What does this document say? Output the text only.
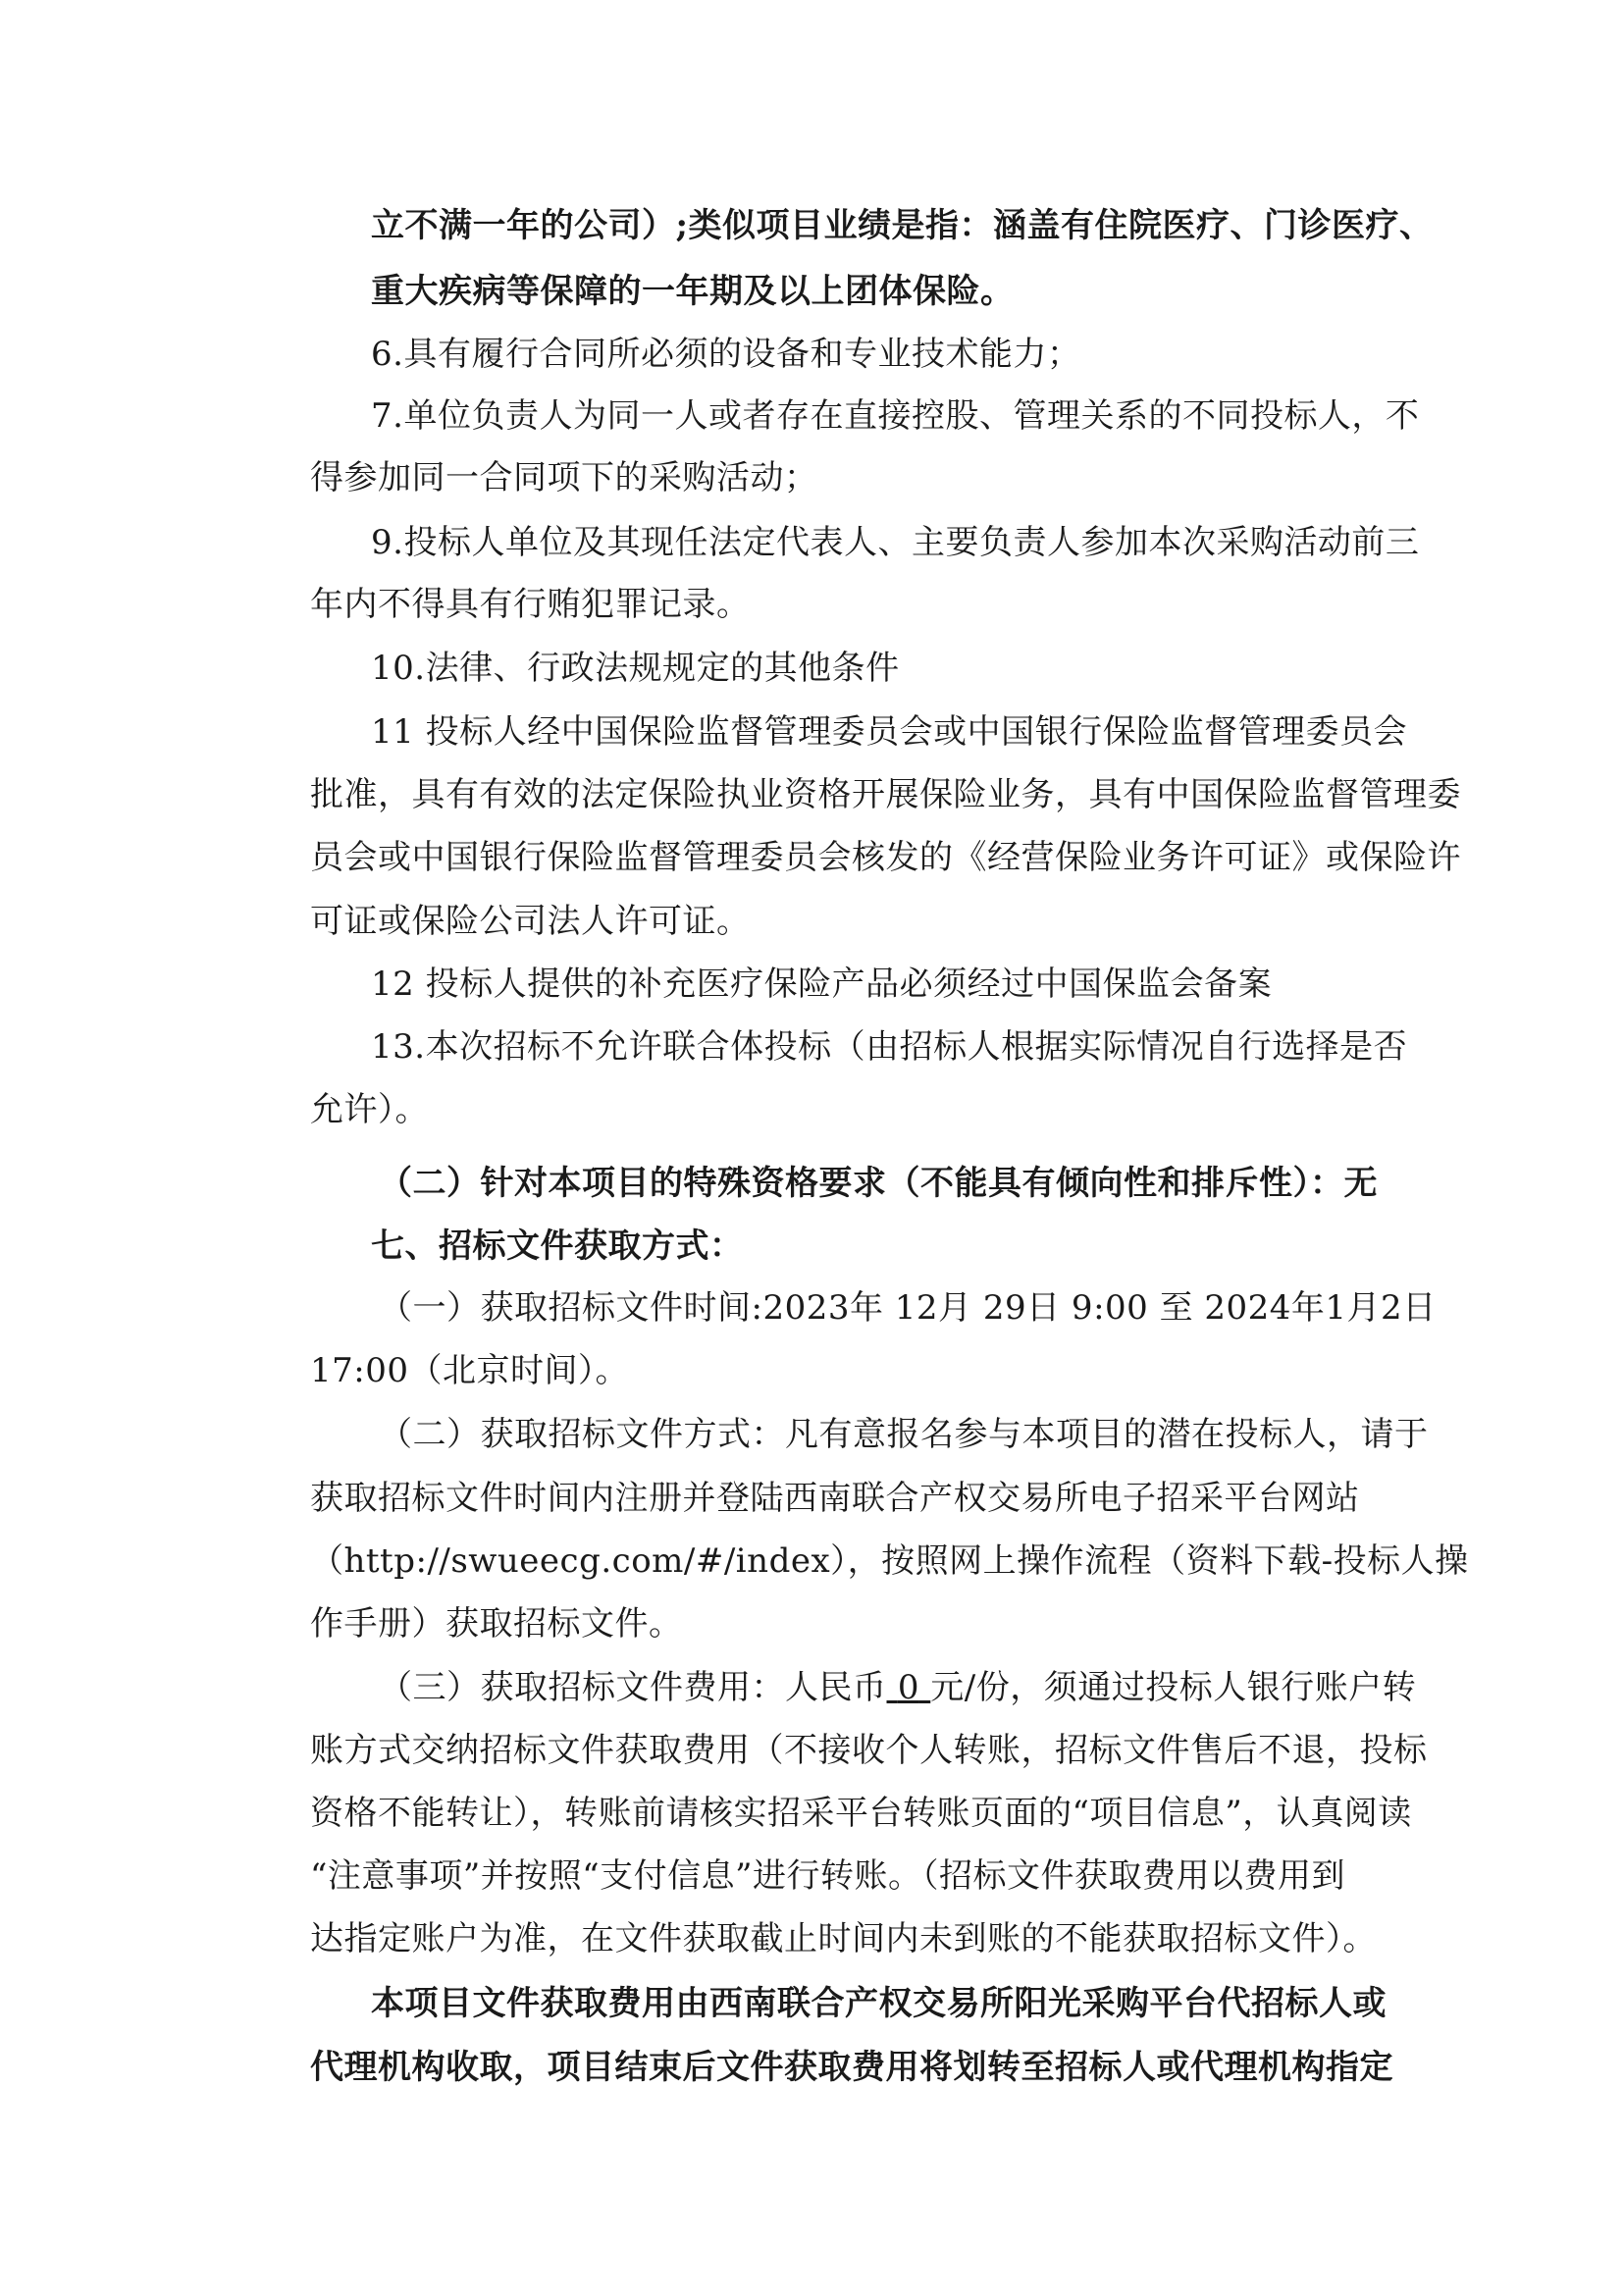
立不满一年的公司）;类似项目业绩是指：涵盖有住院医疗、门诊医疗、
重大疾病等保障的一年期及以上团体保险。
6.具有履行合同所必须的设备和专业技术能力；
7.单位负责人为同一人或者存在直接控股、管理关系的不同投标人，不
得参加同一合同项下的采购活动；
9.投标人单位及其现任法定代表人、主要负责人参加本次采购活动前三
年内不得具有行贿犯罪记录。
10.法律、行政法规规定的其他条件
11 投标人经中国保险监督管理委员会或中国银行保险监督管理委员会
批准，具有有效的法定保险执业资格开展保险业务，具有中国保险监督管理委
员会或中国银行保险监督管理委员会核发的《经营保险业务许可证》或保险许
可证或保险公司法人许可证。
12 投标人提供的补充医疗保险产品必须经过中国保监会备案
13.本次招标不允许联合体投标（由招标人根据实际情况自行选择是否
允许）。
（二）针对本项目的特殊资格要求（不能具有倾向性和排斥性）：无
七、招标文件获取方式：
（一）获取招标文件时间:2023年 12月 29日 9:00 至 2024年1月2日
17:00（北京时间）。
（二）获取招标文件方式：凡有意报名参与本项目的潜在投标人，请于
获取招标文件时间内注册并登陆西南联合产权交易所电子招采平台网站
（http://swueecg.com/#/index），按照网上操作流程（资料下载-投标人操
作手册）获取招标文件。
（三）获取招标文件费用：人民币 0 元/份，须通过投标人银行账户转
账方式交纳招标文件获取费用（不接收个人转账，招标文件售后不退，投标
资格不能转让），转账前请核实招采平台转账页面的“项目信息”，认真阅读
“注意事项”并按照“支付信息”进行转账。（招标文件获取费用以费用到
达指定账户为准，在文件获取截止时间内未到账的不能获取招标文件）。
本项目文件获取费用由西南联合产权交易所阳光采购平台代招标人或
代理机构收取，项目结束后文件获取费用将划转至招标人或代理机构指定
